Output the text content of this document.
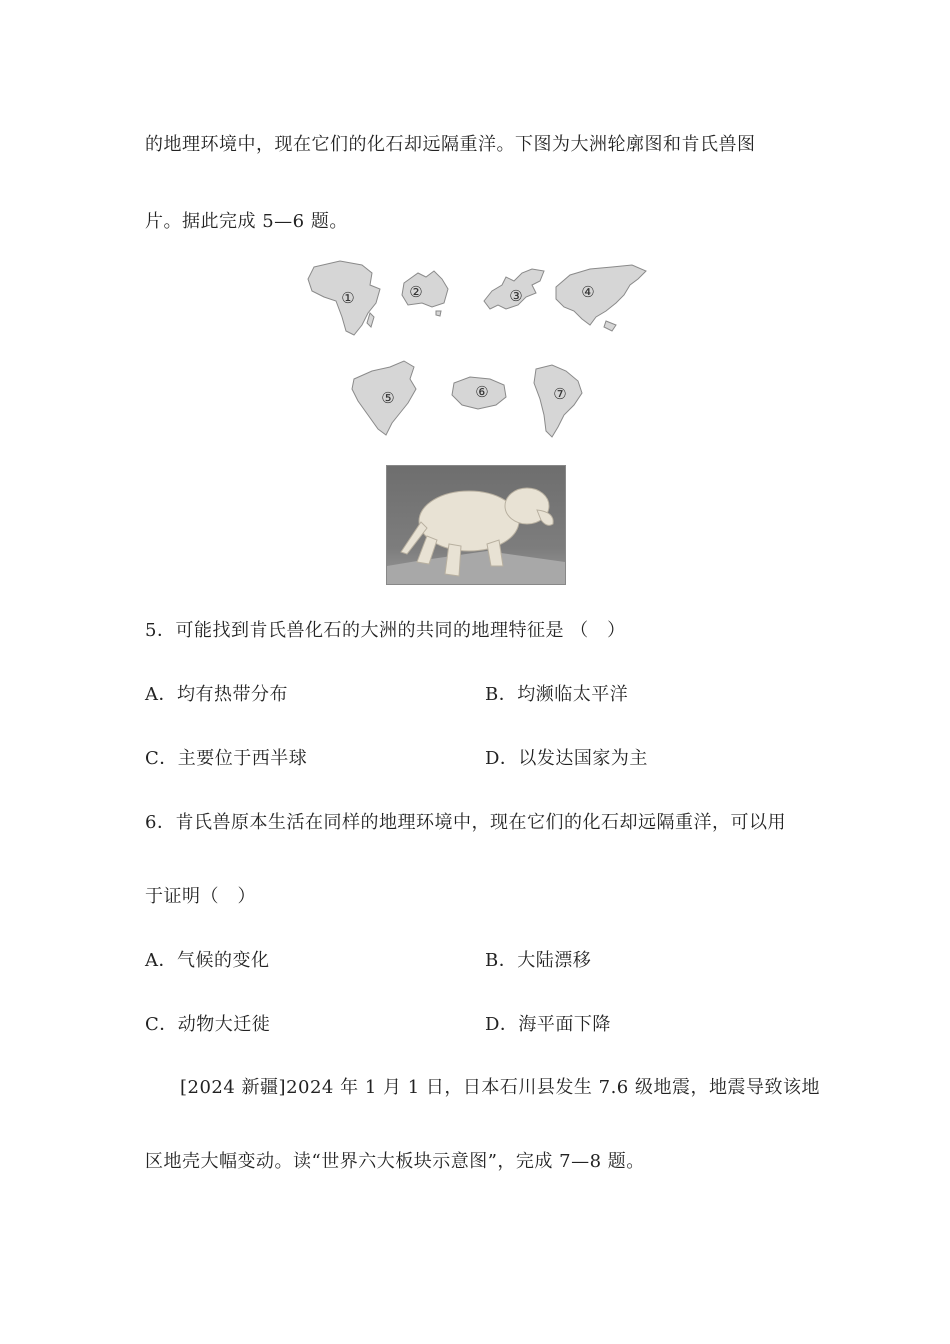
的地理环境中，现在它们的化石却远隔重洋。下图为大洲轮廓图和肯氏兽图
片。据此完成 5—6 题。
①	②	③	④
⑤	⑥	⑦
5．可能找到肯氏兽化石的大洲的共同的地理特征是 （　）
A．均有热带分布	B．均濒临太平洋
C．主要位于西半球	D．以发达国家为主
6．肯氏兽原本生活在同样的地理环境中，现在它们的化石却远隔重洋，可以用
于证明（　）
A．气候的变化	B．大陆漂移
C．动物大迁徙	D．海平面下降
[2024 新疆]2024 年 1 月 1 日，日本石川县发生 7.6 级地震，地震导致该地
区地壳大幅变动。读“世界六大板块示意图”，完成 7—8 题。
